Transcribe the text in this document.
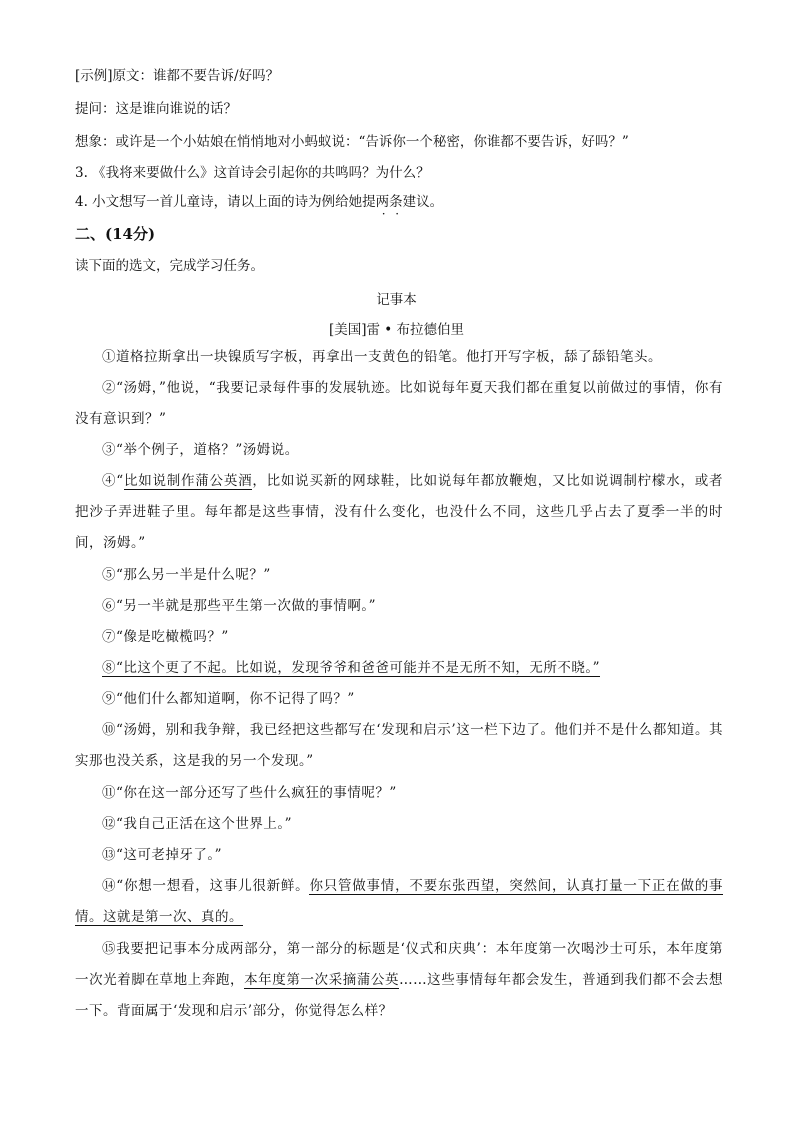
[示例]原文：谁都不要告诉/好吗？
提问：这是谁向谁说的话？
想象：或许是一个小姑娘在悄悄地对小蚂蚁说：“告诉你一个秘密，你谁都不要告诉，好吗？”
3. 《我将来要做什么》这首诗会引起你的共鸣吗？为什么？
4. 小文想写一首儿童诗，请以上面的诗为例给她提两条建议。
二、(14分)
读下面的选文，完成学习任务。
记事本
[美国]雷 • 布拉德伯里
①道格拉斯拿出一块镍质写字板，再拿出一支黄色的铅笔。他打开写字板，舔了舔铅笔头。
②“汤姆，”他说，“我要记录每件事的发展轨迹。比如说每年夏天我们都在重复以前做过的事情，你有没有意识到？”
③“举个例子，道格？”汤姆说。
④“比如说制作蒲公英酒，比如说买新的网球鞋，比如说每年都放鞭炮，又比如说调制柠檬水，或者把沙子弄进鞋子里。每年都是这些事情，没有什么变化，也没什么不同，这些几乎占去了夏季一半的时间，汤姆。”
⑤“那么另一半是什么呢？”
⑥“另一半就是那些平生第一次做的事情啊。”
⑦“像是吃橄榄吗？”
⑧“比这个更了不起。比如说，发现爷爷和爸爸可能并不是无所不知，无所不晓。”
⑨“他们什么都知道啊，你不记得了吗？”
⑩“汤姆，别和我争辩，我已经把这些都写在‘发现和启示’这一栏下边了。他们并不是什么都知道。其实那也没关系，这是我的另一个发现。”
⑪“你在这一部分还写了些什么疯狂的事情呢？”
⑫“我自己正活在这个世界上。”
⑬“这可老掉牙了。”
⑭“你想一想看，这事儿很新鲜。你只管做事情，不要东张西望，突然间，认真打量一下正在做的事情。这就是第一次、真的。
⑮我要把记事本分成两部分，第一部分的标题是‘仪式和庆典’：本年度第一次喝沙士可乐，本年度第一次光着脚在草地上奔跑，本年度第一次采摘蒲公英……这些事情每年都会发生，普通到我们都不会去想一下。背面属于‘发现和启示’部分，你觉得怎么样？
